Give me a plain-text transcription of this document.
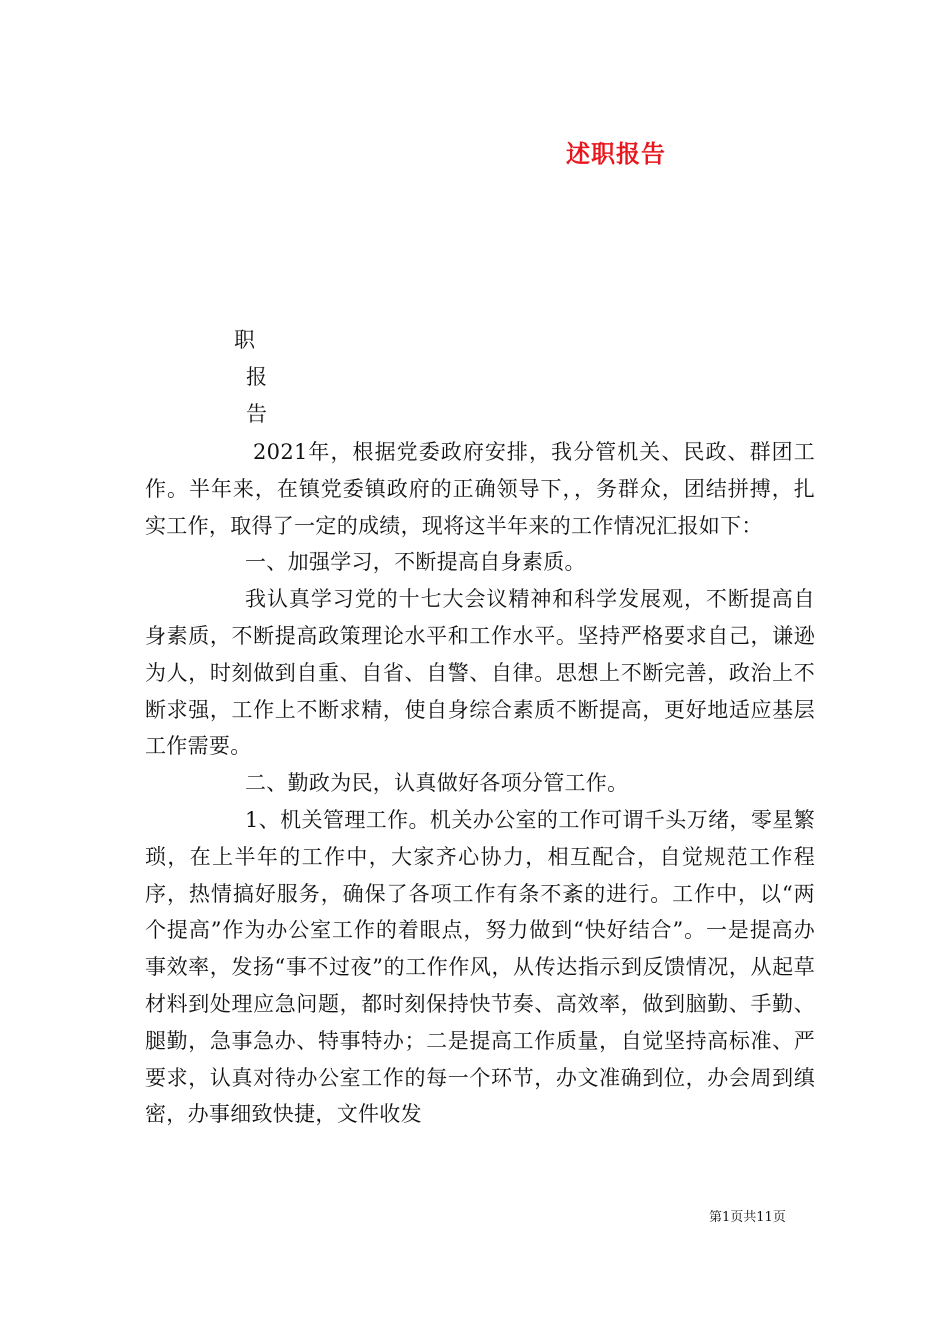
述职报告
职
报
告

2021年，根据党委政府安排，我分管机关、民政、群团工作。半年来，在镇党委镇政府的正确领导下，，务群众，团结拼搏，扎实工作，取得了一定的成绩，现将这半年来的工作情况汇报如下：

一、加强学习，不断提高自身素质。

我认真学习党的十七大会议精神和科学发展观，不断提高自身素质，不断提高政策理论水平和工作水平。坚持严格要求自己，谦逊为人，时刻做到自重、自省、自警、自律。思想上不断完善，政治上不断求强，工作上不断求精，使自身综合素质不断提高，更好地适应基层工作需要。

二、勤政为民，认真做好各项分管工作。

1、机关管理工作。机关办公室的工作可谓千头万绪，零星繁琐，在上半年的工作中，大家齐心协力，相互配合，自觉规范工作程序，热情搞好服务，确保了各项工作有条不紊的进行。工作中，以“两个提高”作为办公室工作的着眼点，努力做到“快好结合”。一是提高办事效率，发扬“事不过夜”的工作作风，从传达指示到反馈情况，从起草材料到处理应急问题，都时刻保持快节奏、高效率，做到脑勤、手勤、腿勤，急事急办、特事特办；二是提高工作质量，自觉坚持高标准、严要求，认真对待办公室工作的每一个环节，办文准确到位，办会周到缜密，办事细致快捷，文件收发

第1页共11页
